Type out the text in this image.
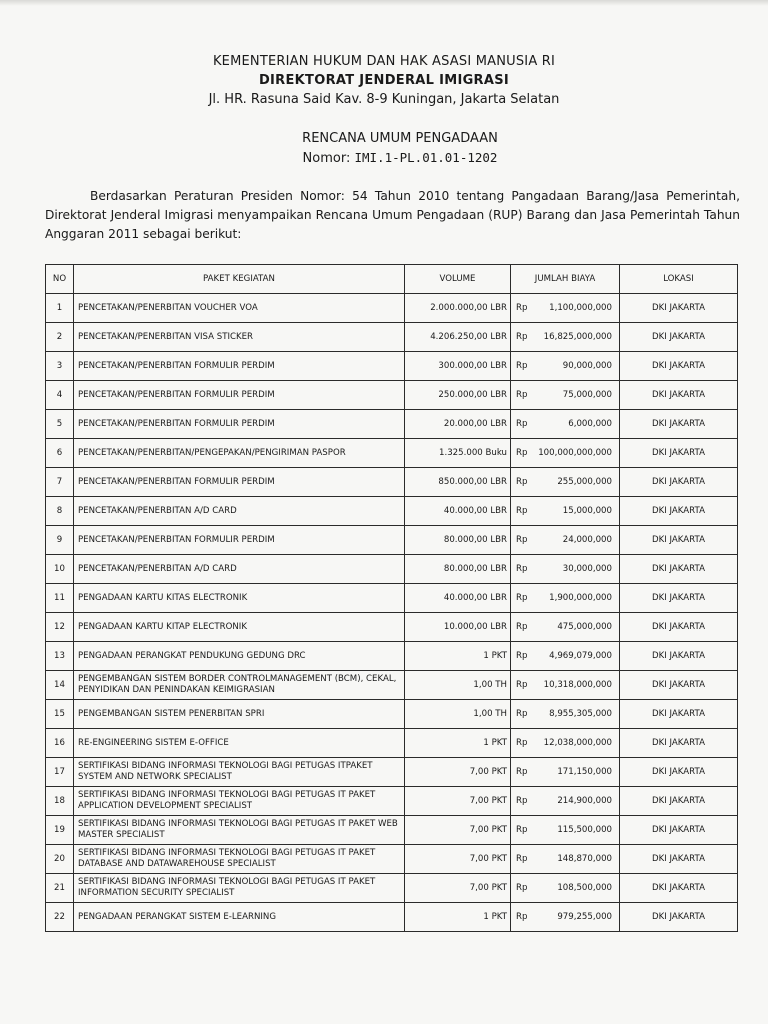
KEMENTERIAN HUKUM DAN HAK ASASI MANUSIA RI
DIREKTORAT JENDERAL IMIGRASI
Jl. HR. Rasuna Said Kav. 8-9 Kuningan, Jakarta Selatan
RENCANA UMUM PENGADAAN
Nomor: IMI.1-PL.01.01-1202

Berdasarkan Peraturan Presiden Nomor: 54 Tahun 2010 tentang Pangadaan Barang/Jasa Pemerintah, Direktorat Jenderal Imigrasi menyampaikan Rencana Umum Pengadaan (RUP) Barang dan Jasa Pemerintah Tahun Anggaran 2011 sebagai berikut:

NO	PAKET KEGIATAN	VOLUME	JUMLAH BIAYA	LOKASI
1	PENCETAKAN/PENERBITAN VOUCHER VOA	2.000.000,00 LBR	Rp 1,100,000,000	DKI JAKARTA
2	PENCETAKAN/PENERBITAN VISA STICKER	4.206.250,00 LBR	Rp 16,825,000,000	DKI JAKARTA
3	PENCETAKAN/PENERBITAN FORMULIR PERDIM	300.000,00 LBR	Rp 90,000,000	DKI JAKARTA
4	PENCETAKAN/PENERBITAN FORMULIR PERDIM	250.000,00 LBR	Rp 75,000,000	DKI JAKARTA
5	PENCETAKAN/PENERBITAN FORMULIR PERDIM	20.000,00 LBR	Rp 6,000,000	DKI JAKARTA
6	PENCETAKAN/PENERBITAN/PENGEPAKAN/PENGIRIMAN PASPOR	1.325.000 Buku	Rp 100,000,000,000	DKI JAKARTA
7	PENCETAKAN/PENERBITAN FORMULIR PERDIM	850.000,00 LBR	Rp 255,000,000	DKI JAKARTA
8	PENCETAKAN/PENERBITAN A/D CARD	40.000,00 LBR	Rp 15,000,000	DKI JAKARTA
9	PENCETAKAN/PENERBITAN FORMULIR PERDIM	80.000,00 LBR	Rp 24,000,000	DKI JAKARTA
10	PENCETAKAN/PENERBITAN A/D CARD	80.000,00 LBR	Rp 30,000,000	DKI JAKARTA
11	PENGADAAN KARTU KITAS ELECTRONIK	40.000,00 LBR	Rp 1,900,000,000	DKI JAKARTA
12	PENGADAAN KARTU KITAP ELECTRONIK	10.000,00 LBR	Rp 475,000,000	DKI JAKARTA
13	PENGADAAN PERANGKAT PENDUKUNG GEDUNG DRC	1 PKT	Rp 4,969,079,000	DKI JAKARTA
14	PENGEMBANGAN SISTEM BORDER CONTROLMANAGEMENT (BCM), CEKAL, PENYIDIKAN DAN PENINDAKAN KEIMIGRASIAN	1,00 TH	Rp 10,318,000,000	DKI JAKARTA
15	PENGEMBANGAN SISTEM PENERBITAN SPRI	1,00 TH	Rp 8,955,305,000	DKI JAKARTA
16	RE-ENGINEERING SISTEM E-OFFICE	1 PKT	Rp 12,038,000,000	DKI JAKARTA
17	SERTIFIKASI BIDANG INFORMASI TEKNOLOGI BAGI PETUGAS ITPAKET SYSTEM AND NETWORK SPECIALIST	7,00 PKT	Rp 171,150,000	DKI JAKARTA
18	SERTIFIKASI BIDANG INFORMASI TEKNOLOGI BAGI PETUGAS IT PAKET APPLICATION DEVELOPMENT SPECIALIST	7,00 PKT	Rp 214,900,000	DKI JAKARTA
19	SERTIFIKASI BIDANG INFORMASI TEKNOLOGI BAGI PETUGAS IT PAKET WEB MASTER SPECIALIST	7,00 PKT	Rp 115,500,000	DKI JAKARTA
20	SERTIFIKASI BIDANG INFORMASI TEKNOLOGI BAGI PETUGAS IT PAKET DATABASE AND DATAWAREHOUSE SPECIALIST	7,00 PKT	Rp 148,870,000	DKI JAKARTA
21	SERTIFIKASI BIDANG INFORMASI TEKNOLOGI BAGI PETUGAS IT PAKET INFORMATION SECURITY SPECIALIST	7,00 PKT	Rp 108,500,000	DKI JAKARTA
22	PENGADAAN PERANGKAT SISTEM E-LEARNING	1 PKT	Rp 979,255,000	DKI JAKARTA
